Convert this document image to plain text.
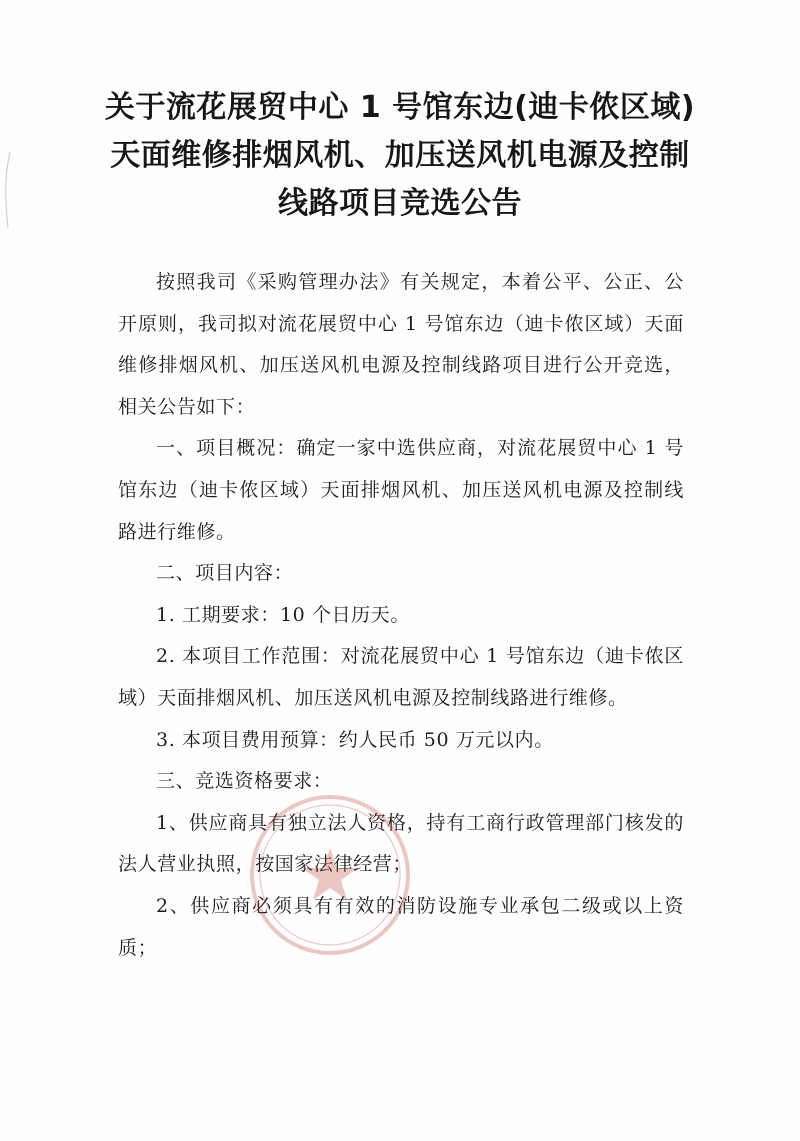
关于流花展贸中心 1 号馆东边(迪卡侬区域)
天面维修排烟风机、加压送风机电源及控制
线路项目竞选公告

按照我司《采购管理办法》有关规定，本着公平、公正、公开原则，我司拟对流花展贸中心 1 号馆东边（迪卡侬区域）天面维修排烟风机、加压送风机电源及控制线路项目进行公开竞选，相关公告如下：

一、项目概况：确定一家中选供应商，对流花展贸中心 1 号馆东边（迪卡侬区域）天面排烟风机、加压送风机电源及控制线路进行维修。

二、项目内容：

1. 工期要求：10 个日历天。

2. 本项目工作范围：对流花展贸中心 1 号馆东边（迪卡侬区域）天面排烟风机、加压送风机电源及控制线路进行维修。

3. 本项目费用预算：约人民币 50 万元以内。

三、竞选资格要求：

1、供应商具有独立法人资格，持有工商行政管理部门核发的法人营业执照，按国家法律经营；

2、供应商必须具有有效的消防设施专业承包二级或以上资质；
